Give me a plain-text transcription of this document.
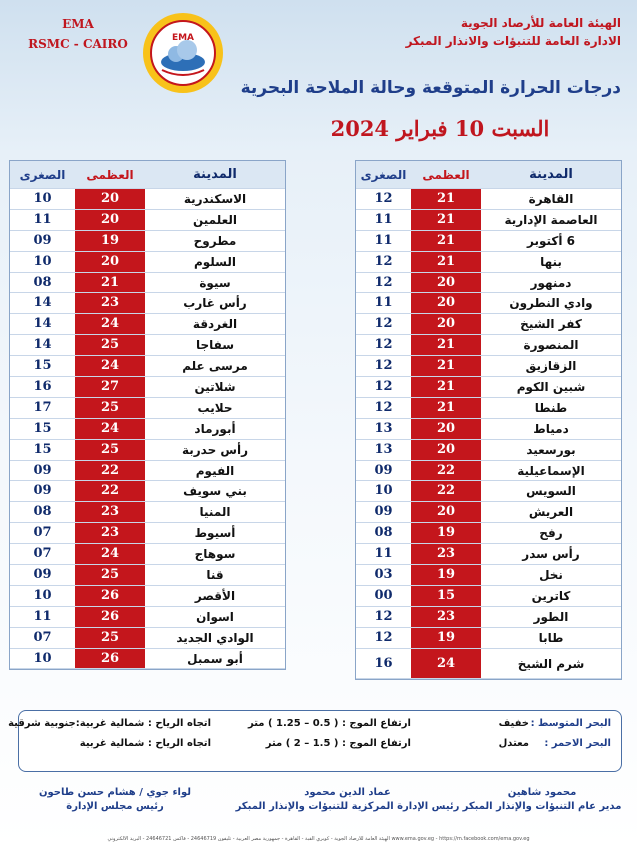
EMA
RSMC - CAIRO	EMA
الهيئة العامة للأرصاد الجوية
الادارة العامة للتنبؤات والانذار المبكر
درجات الحرارة المتوقعة وحالة الملاحة البحرية
السبت 10 فبراير 2024
المدينة
العظمى
الصغرى
القاهرة
21
12
العاصمة الإدارية
21
11
6 أكتوبر
21
11
بنها
21
12
دمنهور
20
12
وادي النطرون
20
11
كفر الشيخ
20
12
المنصورة
21
12
الزقازيق
21
12
شبين الكوم
21
12
طنطا
21
12
دمياط
20
13
بورسعيد
20
13
الإسماعيلية
22
09
السويس
22
10
العريش
20
09
رفح
19
08
رأس سدر
23
11
نخل
19
03
كاترين
15
00
الطور
23
12
طابا
19
12
شرم الشيخ
24
16
المدينة
العظمى
الصغرى
الاسكندرية
20
10
العلمين
20
11
مطروح
19
09
السلوم
20
10
سيوة
21
08
رأس غارب
23
14
الغردقة
24
14
سفاجا
25
14
مرسى علم
24
15
شلاتين
27
16
حلايب
25
17
أبورماد
24
15
رأس حدربة
25
15
الفيوم
22
09
بني سويف
22
09
المنيا
23
08
أسيوط
23
07
سوهاج
24
07
قنا
25
09
الأقصر
26
10
اسوان
26
11
الوادي الجديد
25
07
أبو سمبل
26
10
البحر المتوسط :
خفيف
ارتفاع الموج : ( 0.5 – 1.25 ) متر
اتجاه الرياح : شمالية غربية:جنوبية شرقية
البحر الاحمر :
معتدل
ارتفاع الموج : ( 1.5 – 2 ) متر
اتجاه الرياح : شمالية غربية
محمود شاهين
مدير عام التنبؤات والإنذار المبكر
عماد الدين محمود
رئيس الإدارة المركزية للتنبؤات والإنذار المبكر
لواء جوي / هشام حسن طاحون
رئيس مجلس الإدارة
الهيئة العامة للأرصاد الجوية - كوبري القبة - القاهرة - جمهورية مصر العربية - تليفون 24646719 - فاكس 24646721 - البريد الالكتروني www.ema.gov.eg - https://m.facebook.com/ema.gov.eg
